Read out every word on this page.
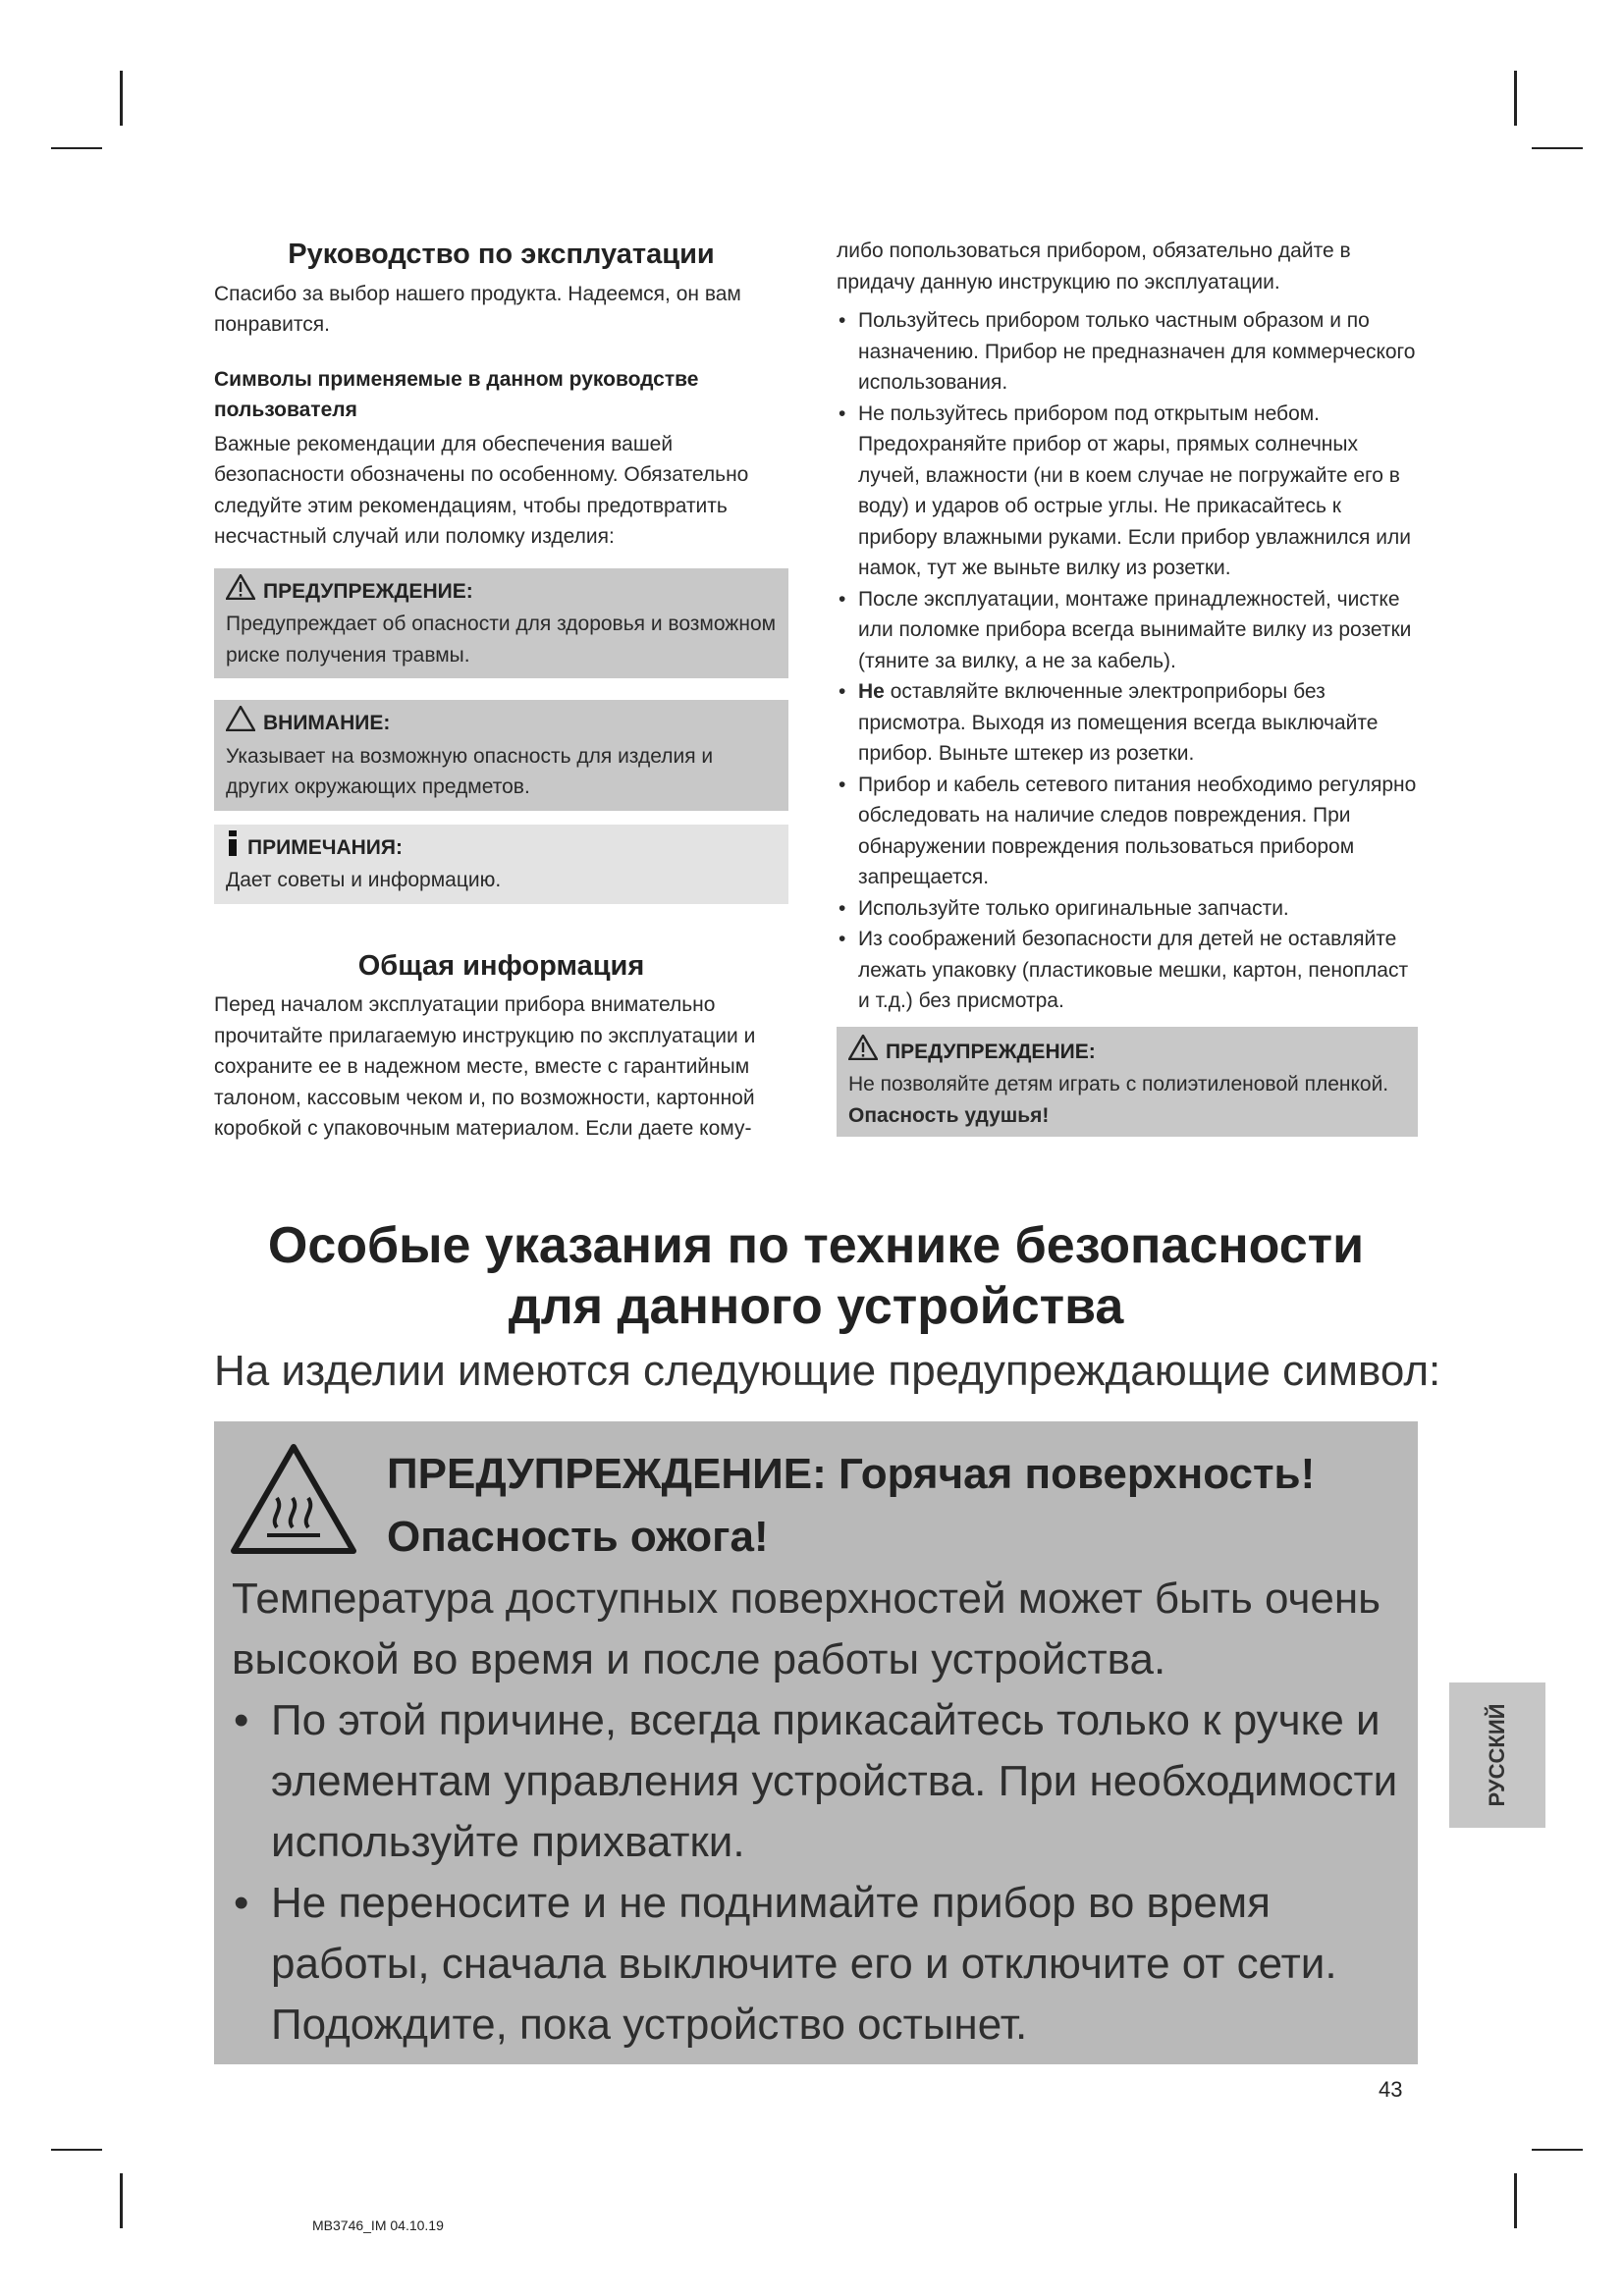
Руководство по эксплуатации

Спасибо за выбор нашего продукта. Надеемся, он вам понравится.

Символы применяемые в данном руководстве пользователя

Важные рекомендации для обеспечения вашей безопасности обозначены по особенному. Обязательно следуйте этим рекомендациям, чтобы предотвратить несчастный случай или поломку изделия:

ПРЕДУПРЕЖДЕНИЕ:

Предупреждает об опасности для здоровья и возможном риске получения травмы.

ВНИМАНИЕ:

Указывает на возможную опасность для изделия и других окружающих предметов.

ПРИМЕЧАНИЯ:

Дает советы и информацию.

Общая информация

Перед началом эксплуатации прибора внимательно прочитайте прилагаемую инструкцию по эксплуатации и сохраните ее в надежном месте, вместе с гарантийным талоном, кассовым чеком и, по возможности, картонной коробкой с упаковочным материалом. Если даете кому-

либо попользоваться прибором, обязательно дайте в придачу данную инструкцию по эксплуатации.

• Пользуйтесь прибором только частным образом и по назначению. Прибор не предназначен для коммерческого использования.
• Не пользуйтесь прибором под открытым небом. Предохраняйте прибор от жары, прямых солнечных лучей, влажности (ни в коем случае не погружайте его в воду) и ударов об острые углы. Не прикасайтесь к прибору влажными руками. Если прибор увлажнился или намок, тут же выньте вилку из розетки.
• После эксплуатации, монтаже принадлежностей, чистке или поломке прибора всегда вынимайте вилку из розетки (тяните за вилку, а не за кабель).
• Не оставляйте включенные электроприборы без присмотра. Выходя из помещения всегда выключайте прибор. Выньте штекер из розетки.
• Прибор и кабель сетевого питания необходимо регулярно обследовать на наличие следов повреждения. При обнаружении повреждения пользоваться прибором запрещается.
• Используйте только оригинальные запчасти.
• Из соображений безопасности для детей не оставляйте лежать упаковку (пластиковые мешки, картон, пенопласт и т.д.) без присмотра.
ПРЕДУПРЕЖДЕНИЕ:

Не позволяйте детям играть с полиэтиленовой пленкой. Опасность удушья!

Особые указания по технике безопасности
для данного устройства

На изделии имеются следующие предупреждающие символ:

ПРЕДУПРЕЖДЕНИЕ: Горячая поверхность!
Опасность ожога!

Температура доступных поверхностей может быть очень высокой во время и после работы устройства.

• По этой причине, всегда прикасайтесь только к ручке и элементам управления устройства. При необходимости используйте прихватки.
• Не переносите и не поднимайте прибор во время работы, сначала выключите его и отключите от сети. Подождите, пока устройство остынет.
РУССКИЙ
43
MB3746_IM 04.10.19
